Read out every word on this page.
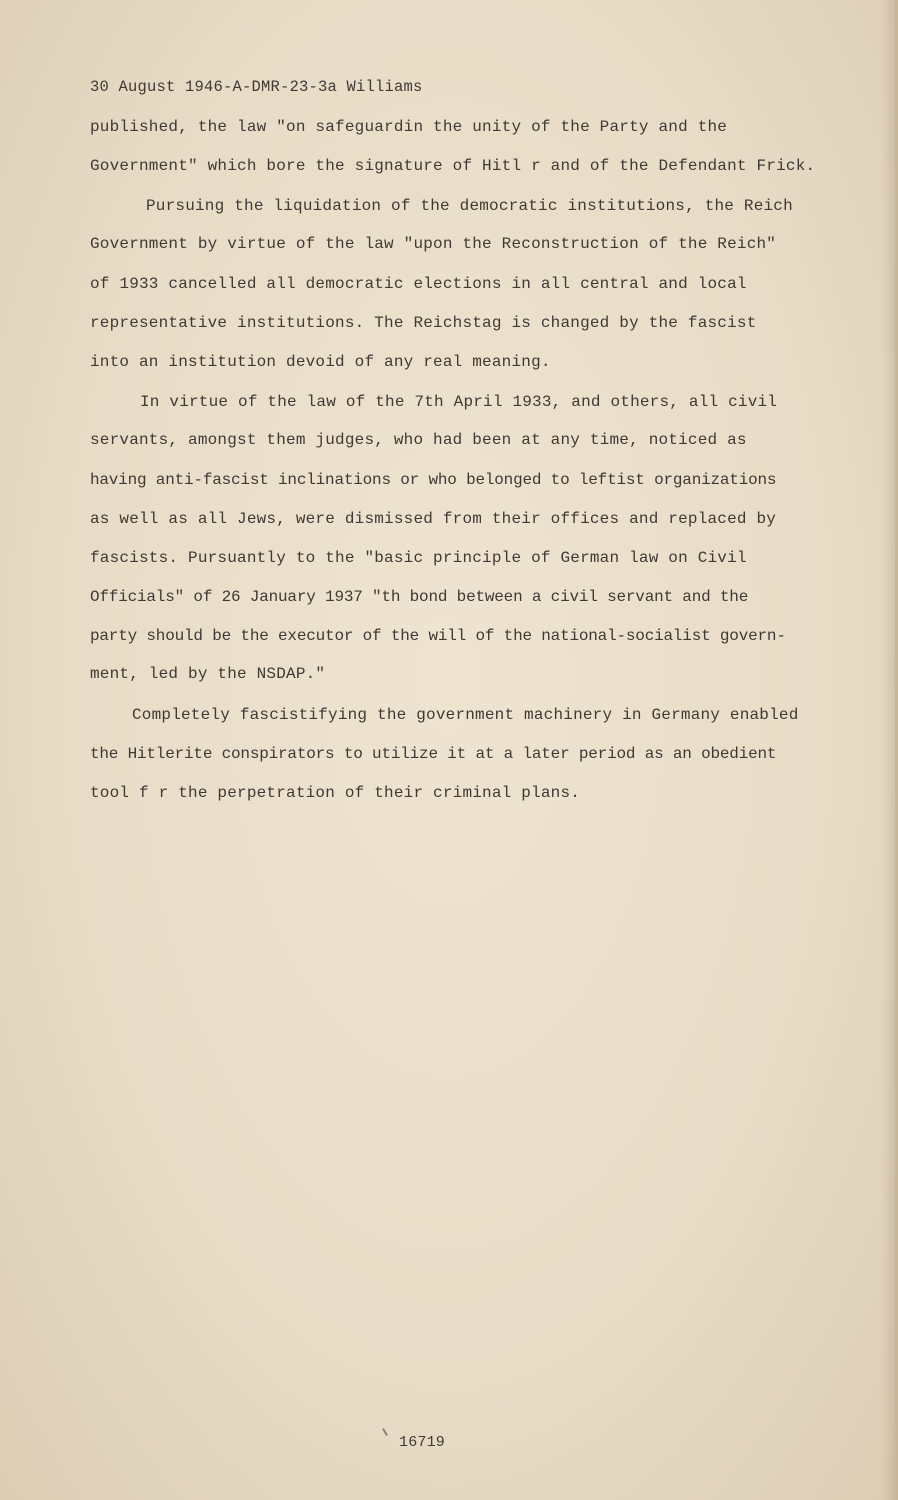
30 August 1946-A-DMR-23-3a Williams

published, the law "on safeguardin the unity of the Party and the

Government" which bore the signature of Hitl r and of the Defendant Frick.

Pursuing the liquidation of the democratic institutions, the Reich

Government by virtue of the law "upon the Reconstruction of the Reich"

of 1933 cancelled all democratic elections in all central and local

representative institutions. The Reichstag is changed by the fascist

into an institution devoid of any real meaning.

In virtue of the law of the 7th April 1933, and others, all civil

servants, amongst them judges, who had been at any time, noticed as

having anti-fascist inclinations or who belonged to leftist organizations

as well as all Jews, were dismissed from their offices and replaced by

fascists. Pursuantly to the "basic principle of German law on Civil

Officials" of 26 January 1937 "th bond between a civil servant and the

party should be the executor of the will of the national-socialist govern-

ment, led by the NSDAP."

Completely fascistifying the government machinery in Germany enabled

the Hitlerite conspirators to utilize it at a later period as an obedient

tool f r the perpetration of their criminal plans.

16719
